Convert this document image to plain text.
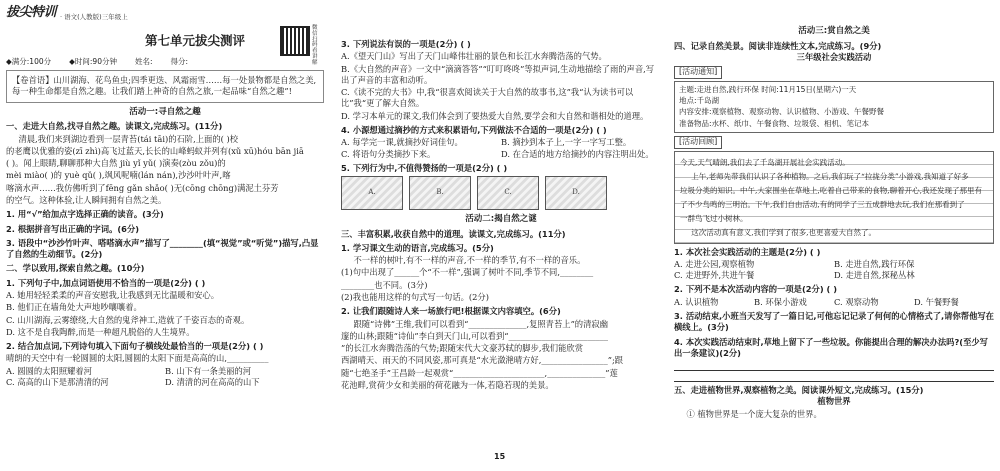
拔尖特训 · 语文(人教版)三年级上
第七单元拔尖测评
微信扫码看讲解
◆满分:100分 ◆时间:90分钟 姓名: 得分:

【卷首语】山川湖海、花鸟鱼虫;四季更迭、风霜雨雪……每一处景物都是自然之美,每一种生命都是自然之趣。让我们踏上神奇的自然之旅,一起品味“自然之趣”!

活动一:寻自然之趣
一、走进大自然,找寻自然之趣。读课文,完成练习。(11分)

清晨,我们来到湖边看到一层青苔(tái tāi)的石阶,上面的( )校

的老鹰以优雅的姿(zī zhì)高飞过蓝天,长长的山峰蚂蚁并列有(xǔ xū)hóu bān jiā

( )。闻上眼睛,聊聊那种大自然 jiù yǐ yǔ( )演奏(zòu zǒu)的

mèi miào( )的 yuè qǔ( ),飒风呢喃(lán nán),沙沙叶叶声,喀

喀滴水声……我仿佛听到了fēng gǎn shǎo( )无(cōng chōng)满泥土芬芳

的空气。这种体验,让人瞬间拥有自然之美。

1. 用“√”给加点字选择正确的读音。(3分)

2. 根据拼音写出正确的字词。(6分)

3. 语段中“沙沙竹叶声、嗒嗒滴水声”描写了________(填“视觉”或“听觉”)描写,凸显了自然的生动细节。(2分)

二、学以致用,探索自然之趣。(10分)

1. 下列句子中,加点词语使用不恰当的一项是(2分) ( )

A. 她用轻轻柔柔的声音安慰我,让我感到无比温暖和安心。

B. 他们正在墙角处大声地吵嚷嚷着。

C. 山川湖海,云雾缭绕,大自然的鬼斧神工,造就了千姿百态的奇观。

D. 这不是自我陶醉,而是一种超凡脱俗的人生境界。

2. 结合加点词,下列诗句填入下面句子横线处最恰当的一项是(2分) ( )

晴朗的天空中有一轮圆圆的太阳,圆圆的太阳下面是高高的山,__________

A. 圆圆的太阳照耀着河	B. 山下有一条美丽的河
C. 高高的山下是那清清的河	D. 清清的河在高高的山下

3. 下列说法有误的一项是(2分) ( )

A.《望天门山》写出了天门山峰伟壮丽的景色和长江水奔腾浩荡的气势。

B.《大自然的声音》一文中“滴滴答答”“叮叮咚咚”等拟声词,生动地描绘了雨的声音,写出了声音的丰富和动听。

C.《读不完的大书》中,我“很喜欢阅读关于大自然的故事书,这”我“认为读书可以比”我“更了解大自然。

D. 学习本单元的课文,我们体会到了要热爱大自然,要学会和大自然和谐相处的道理。

4. 小源想通过摘抄的方式来积累语句,下列做法不合适的一项是(2分) ( )

A. 每学完一课,就摘抄好词佳句。	B. 摘抄到本子上,一字一字写工整。
C. 将语句分类摘抄下来。	D. 在合适的地方给摘抄的内容注明出处。

5. 下列行为中,不值得赞扬的一项是(2分) ( )

A.	B.	C.	D.
活动二:揭自然之谜
三、丰富积累,收获自然中的道理。读课文,完成练习。(11分)

1. 学习课文生动的语言,完成练习。(5分)

不一样的树叶,有不一样的声音,不一样的季节,有不一样的音乐。

(1)句中出现了______个“不一样”,强调了树叶不同,季节不同,________

________也不同。(3分)

(2)我也能用这样的句式写一句话。(2分)

2. 让我们跟随诗人来一场旅行吧!根据课文内容填空。(6分)

跟随“诗佛”王维,我们可以看到“______________,复照青苔上”的清寂幽

邃的山林;跟随“诗仙”李白到天门山,可以看到“________________________

”的长江水奔腾浩荡的气势;跟随宋代大文豪苏轼的脚步,我们能欣赏

西湖晴天、雨天的不同风姿,那可真是“水光潋滟晴方好,________________”;跟

随“七绝圣手”王昌龄一起观赏“______________________,______________”莲

花池畔,赏荷少女和美丽的荷花融为一体,若隐若现的美景。

活动三:赏自然之美
四、记录自然美景。阅读非连续性文本,完成练习。(9分)
三年级社会实践活动
[活动通知]

主题:走进自然,践行环保 时间:11月15日(星期六)一天

地点:千岛湖

内容安排:观察植物、观察动物、认识植物、小游戏、午餐野餐

准备物品:水杯、纸巾、午餐食物、垃圾袋、相机、笔记本

[活动回顾]

今天,天气晴朗,我们去了千岛湖开展社会实践活动。

上午,老师先带我们认识了各种植物。之后,我们玩了“拉拢分类”小游戏,我知道了好多

垃圾分类的知识。中午,大家围坐在草地上,吃着自己带来的食物,聊着开心,我还发现了那里有

了不少鸟鸣的三明治。下午,我们自由活动,有的同学了三五成群地去玩,我们在那看到了

一群鸟飞过小树林。

这次活动真有意义,我们学到了很多,也更喜爱大自然了。

1. 本次社会实践活动的主题是(2分) ( )

A. 走进公园,观察植物	B. 走进自然,践行环保
C. 走进野外,共进午餐	D. 走进自然,探秘丛林

2. 下列不是本次活动内容的一项是(2分) ( )

A. 认识植物	B. 环保小游戏	C. 观察动物	D. 午餐野餐

3. 活动结束,小班当天发写了一篇日记,可他忘记记录了何何的心情格式了,请你帮他写在横线上。(3分)

4. 本次实践活动结束时,草地上留下了一些垃圾。你能提出合理的解决办法吗?(至少写出一条建议)(2分)

五、走进植物世界,观察植物之美。阅读课外短文,完成练习。(15分)
植物世界

① 植物世界是一个庞大复杂的世界。

15
